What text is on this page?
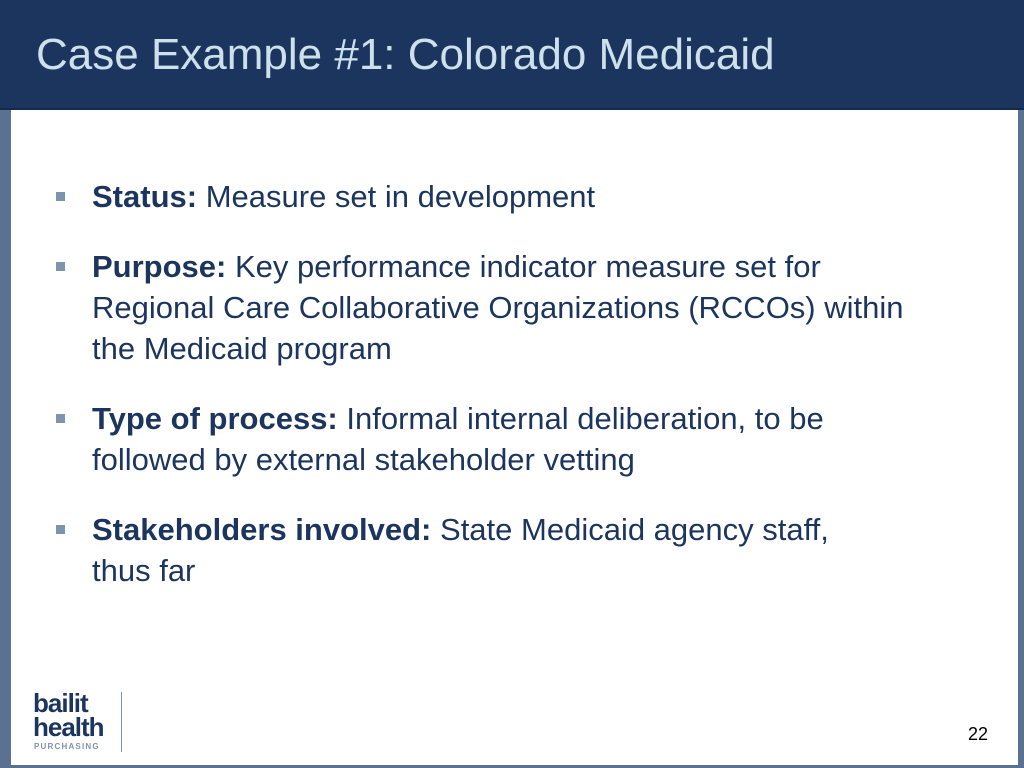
Case Example #1: Colorado Medicaid
Status: Measure set in development
Purpose: Key performance indicator measure set for Regional Care Collaborative Organizations (RCCOs) within the Medicaid program
Type of process: Informal internal deliberation, to be followed by external stakeholder vetting
Stakeholders involved: State Medicaid agency staff, thus far
bailit
health
PURCHASING
22
